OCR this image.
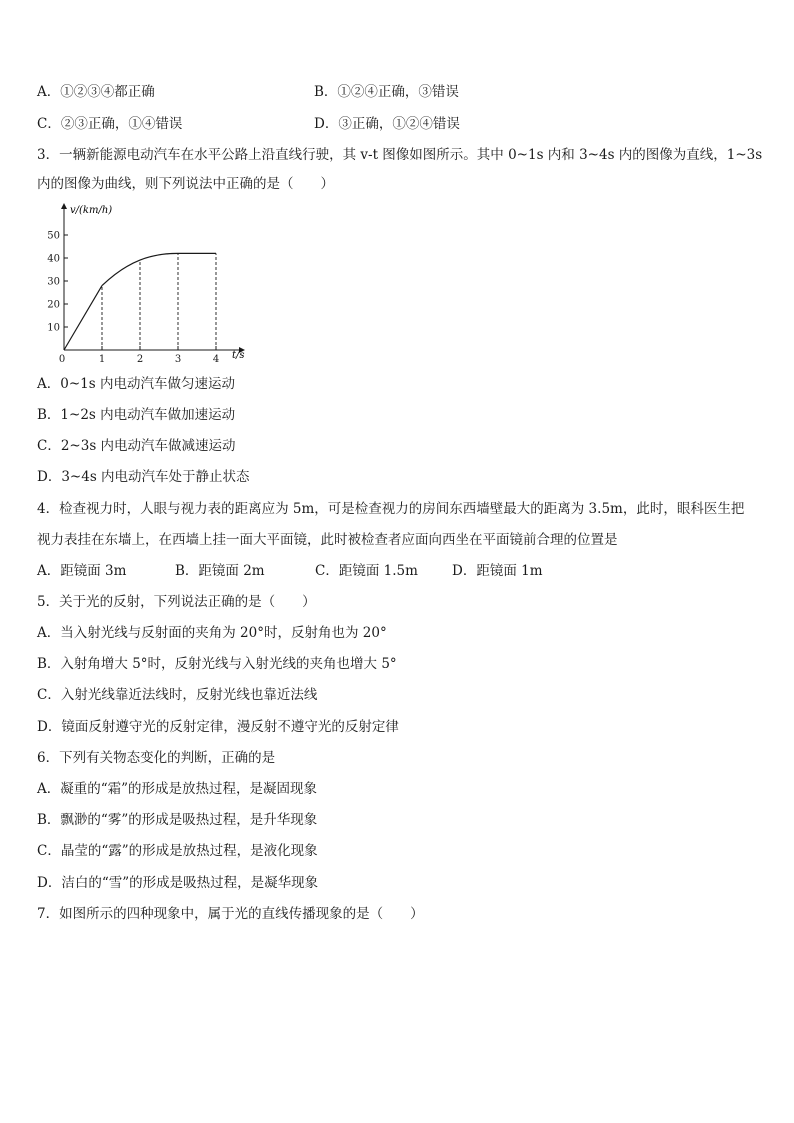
A．①②③④都正确	B．①②④正确，③错误
C．②③正确，①④错误	D．③正确，①②④错误
3．一辆新能源电动汽车在水平公路上沿直线行驶，其 v-t 图像如图所示。其中 0~1s 内和 3~4s 内的图像为直线，1~3s
内的图像为曲线，则下列说法中正确的是（　　）
10
20
30
40
50
0	1	2	3	4
v/(km/h)
t/s
A．0~1s 内电动汽车做匀速运动
B．1~2s 内电动汽车做加速运动
C．2~3s 内电动汽车做减速运动
D．3~4s 内电动汽车处于静止状态
4．检查视力时，人眼与视力表的距离应为 5m，可是检查视力的房间东西墙壁最大的距离为 3.5m，此时，眼科医生把
视力表挂在东墙上，在西墙上挂一面大平面镜，此时被检查者应面向西坐在平面镜前合理的位置是
A．距镜面 3m	B．距镜面 2m	C．距镜面 1.5m	D．距镜面 1m
5．关于光的反射，下列说法正确的是（　　）
A．当入射光线与反射面的夹角为 20°时，反射角也为 20°
B．入射角增大 5°时，反射光线与入射光线的夹角也增大 5°
C．入射光线靠近法线时，反射光线也靠近法线
D．镜面反射遵守光的反射定律，漫反射不遵守光的反射定律
6．下列有关物态变化的判断，正确的是
A．凝重的“霜”的形成是放热过程，是凝固现象
B．飘渺的“雾”的形成是吸热过程，是升华现象
C．晶莹的“露”的形成是放热过程，是液化现象
D．洁白的“雪”的形成是吸热过程，是凝华现象
7．如图所示的四种现象中，属于光的直线传播现象的是（　　）
